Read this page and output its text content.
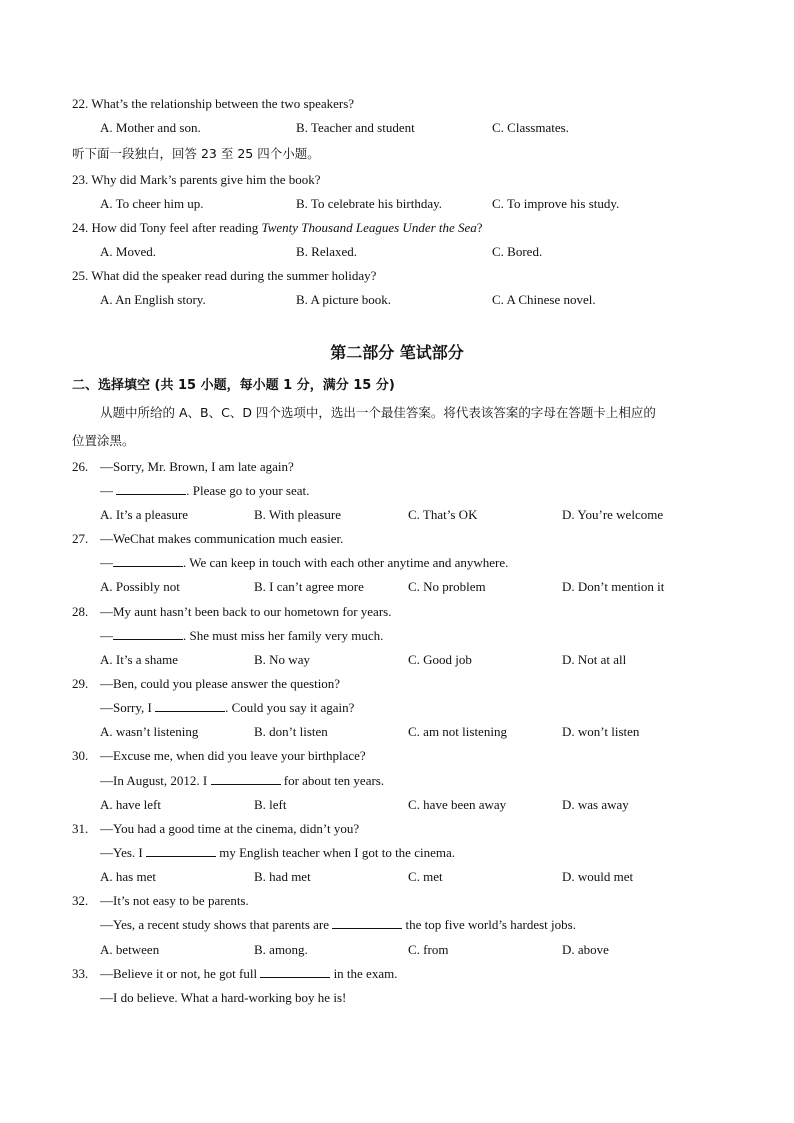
22. What’s the relationship between the two speakers?
A. Mother and son.	B. Teacher and student	C. Classmates.
听下面一段独白，回答 23 至 25 四个小题。
23. Why did Mark’s parents give him the book?
A. To cheer him up.	B. To celebrate his birthday.	C. To improve his study.
24. How did Tony feel after reading Twenty Thousand Leagues Under the Sea?
A. Moved.	B. Relaxed.	C. Bored.
25. What did the speaker read during the summer holiday?
A. An English story.	B. A picture book.	C. A Chinese novel.
第二部分 笔试部分
二、选择填空 (共 15 小题，每小题 1 分，满分 15 分)
从题中所给的 A、B、C、D 四个选项中，选出一个最佳答案。将代表该答案的字母在答题卡上相应的
位置涂黑。
26. —Sorry, Mr. Brown, I am late again?
—	. Please go to your seat.
A. It’s a pleasure	B. With pleasure	C. That’s OK	D. You’re welcome
27. —WeChat makes communication much easier.
—	. We can keep in touch with each other anytime and anywhere.
A. Possibly not	B. I can’t agree more	C. No problem	D. Don’t mention it
28. —My aunt hasn’t been back to our hometown for years.
—	. She must miss her family very much.
A. It’s a shame	B. No way	C. Good job	D. Not at all
29. —Ben, could you please answer the question?
—Sorry, I	. Could you say it again?
A. wasn’t listening	B. don’t listen	C. am not listening	D. won’t listen
30. —Excuse me, when did you leave your birthplace?
—In August, 2012. I	for about ten years.
A. have left	B. left	C. have been away	D. was away
31. —You had a good time at the cinema, didn’t you?
—Yes. I	my English teacher when I got to the cinema.
A. has met	B. had met	C. met	D. would met
32. —It’s not easy to be parents.
—Yes, a recent study shows that parents are	the top five world’s hardest jobs.
A. between	B. among.	C. from	D. above
33. —Believe it or not, he got full	in the exam.
—I do believe. What a hard-working boy he is!
